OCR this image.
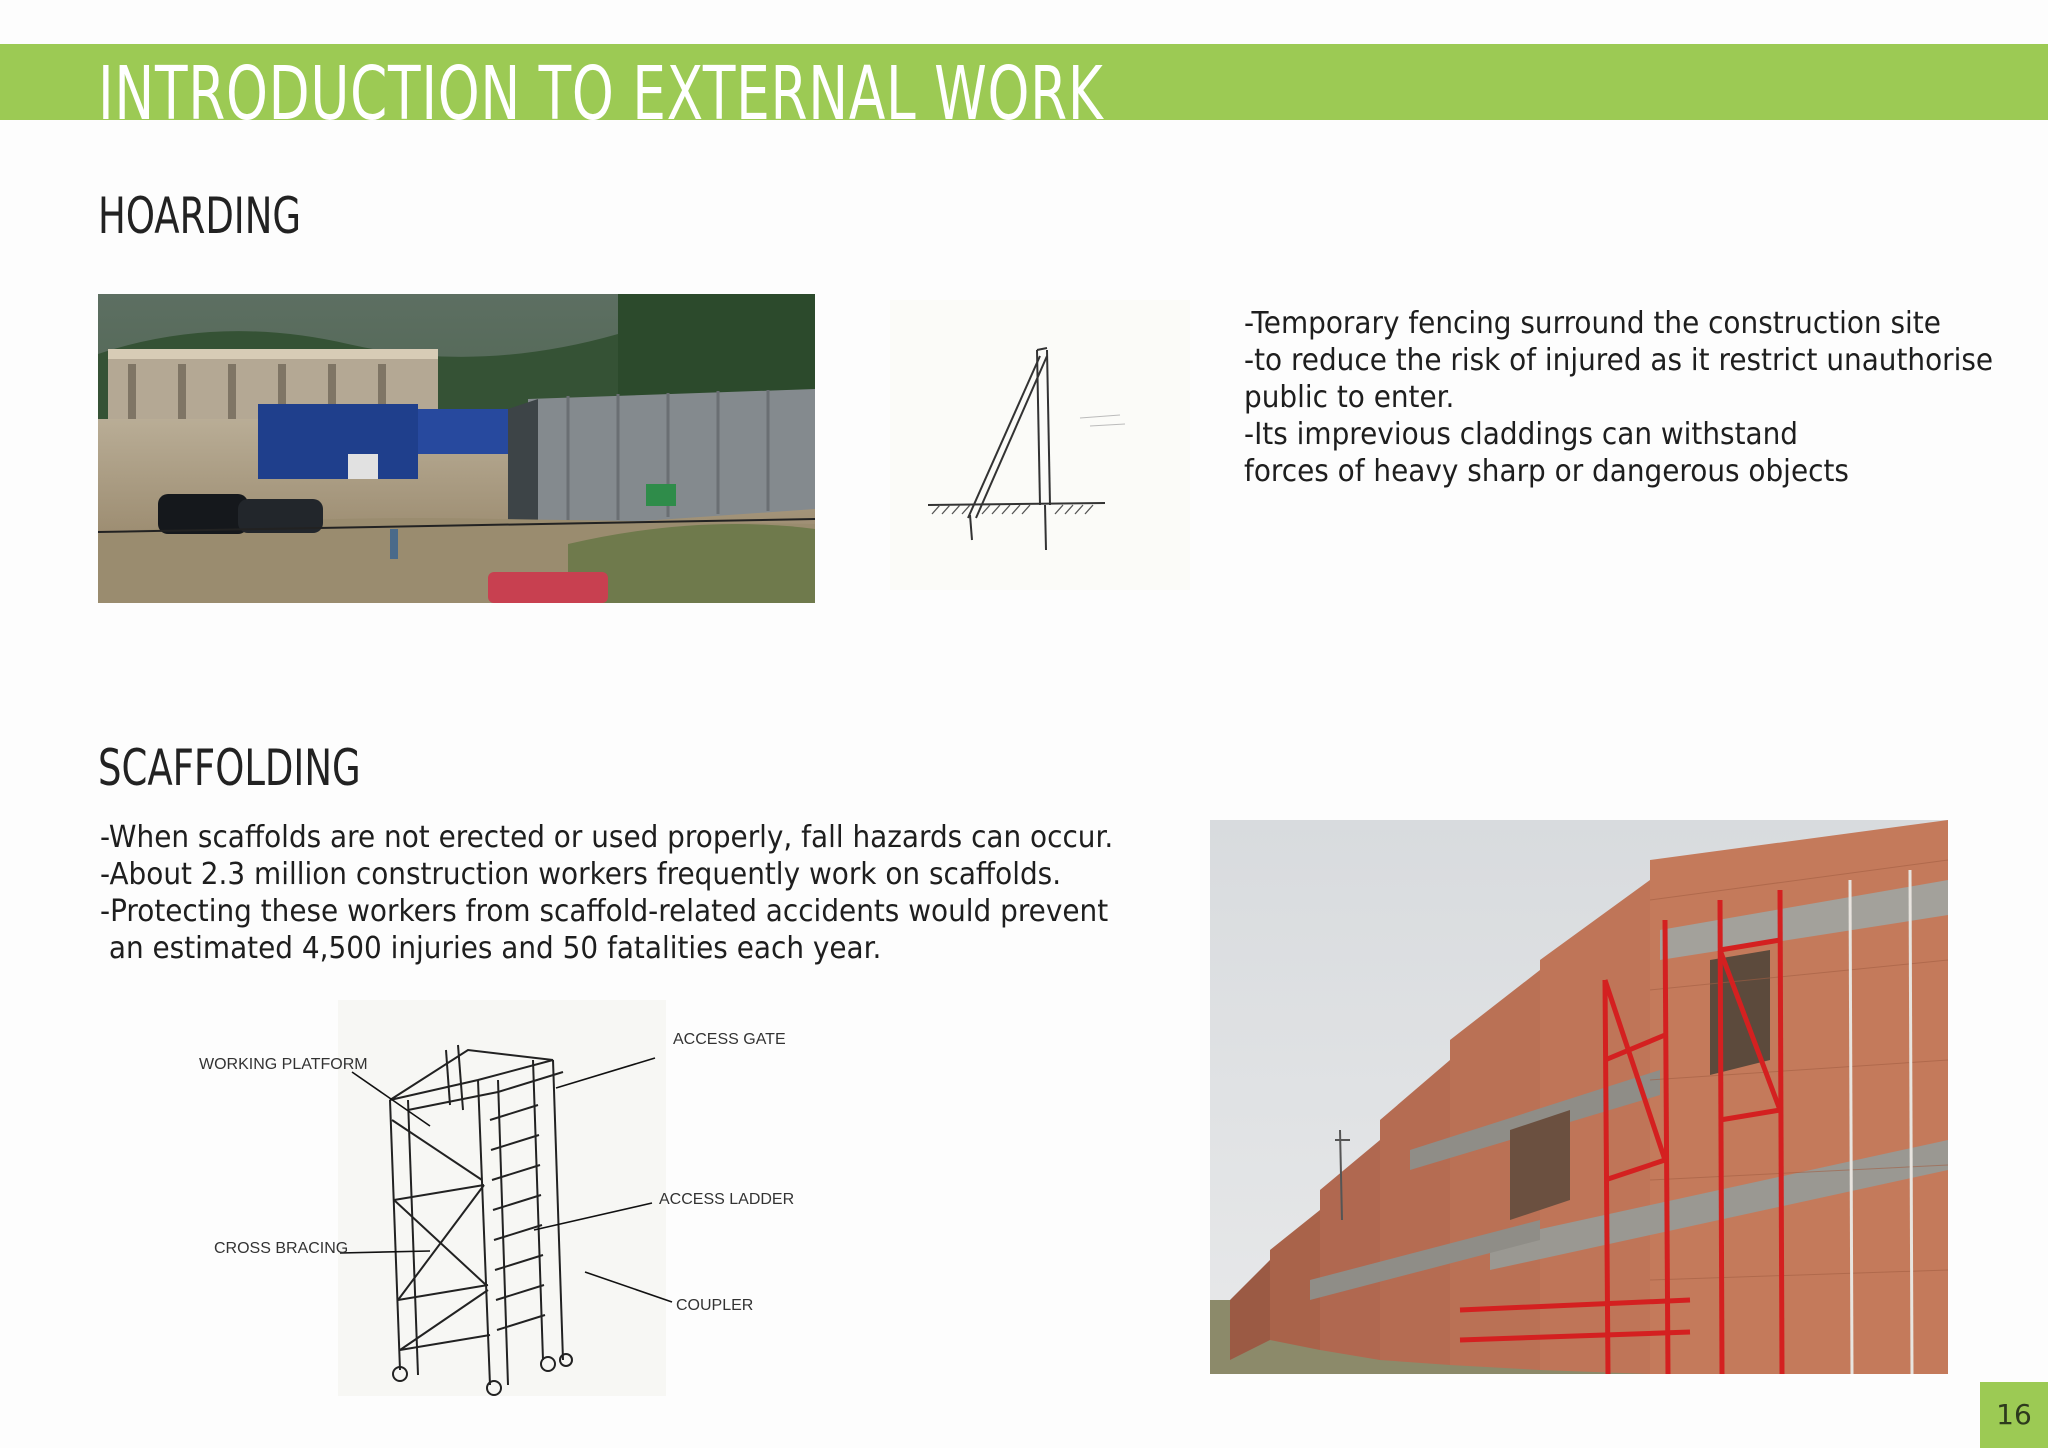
INTRODUCTION TO EXTERNAL WORK
HOARDING
-Temporary fencing surround the construction site
-to reduce the risk of injured as it restrict unauthorise
public to enter.
-Its imprevious claddings can withstand
forces of heavy sharp or dangerous objects
SCAFFOLDING
-When scaffolds are not erected or used properly, fall hazards can occur.
-About 2.3 million construction workers frequently work on scaffolds.
-Protecting these workers from scaffold-related accidents would prevent
an estimated 4,500 injuries and 50 fatalities each year.
WORKING PLATFORM
ACCESS GATE
ACCESS LADDER
CROSS BRACING
COUPLER
16
